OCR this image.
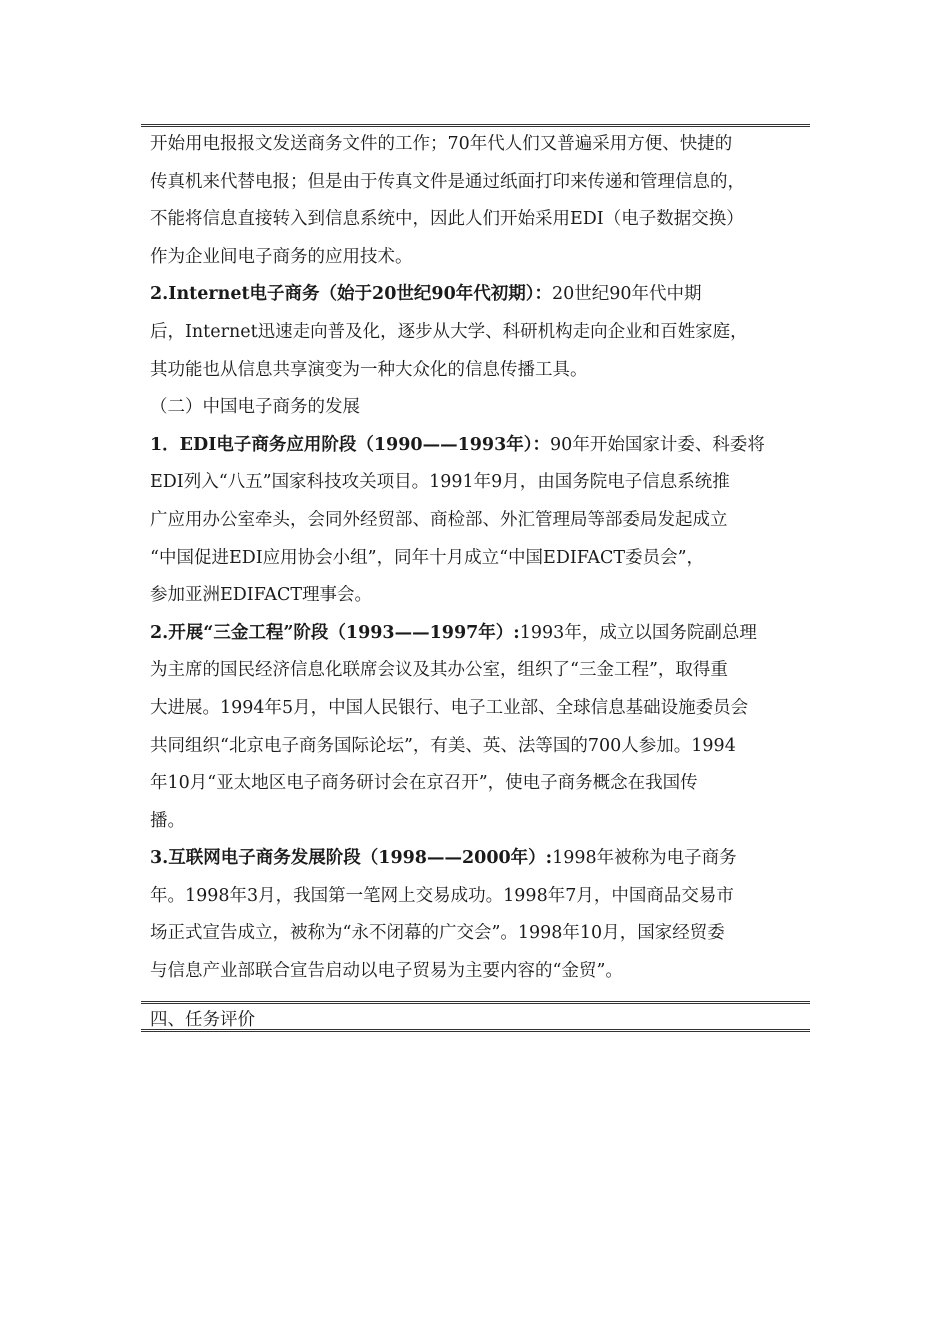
开始用电报报文发送商务文件的工作；70年代人们又普遍采用方便、快捷的

传真机来代替电报；但是由于传真文件是通过纸面打印来传递和管理信息的，

不能将信息直接转入到信息系统中，因此人们开始采用EDI（电子数据交换）

作为企业间电子商务的应用技术。

2.Internet电子商务（始于20世纪90年代初期）：20世纪90年代中期

后，Internet迅速走向普及化，逐步从大学、科研机构走向企业和百姓家庭，

其功能也从信息共享演变为一种大众化的信息传播工具。

（二）中国电子商务的发展

1．EDI电子商务应用阶段（1990——1993年）：90年开始国家计委、科委将

EDI列入“八五”国家科技攻关项目。1991年9月，由国务院电子信息系统推

广应用办公室牵头，会同外经贸部、商检部、外汇管理局等部委局发起成立

“中国促进EDI应用协会小组”，同年十月成立“中国EDIFACT委员会”，

参加亚洲EDIFACT理事会。

2.开展“三金工程”阶段（1993——1997年）:1993年，成立以国务院副总理

为主席的国民经济信息化联席会议及其办公室，组织了“三金工程”，取得重

大进展。1994年5月，中国人民银行、电子工业部、全球信息基础设施委员会

共同组织“北京电子商务国际论坛”，有美、英、法等国的700人参加。1994

年10月“亚太地区电子商务研讨会在京召开”，使电子商务概念在我国传

播。

3.互联网电子商务发展阶段（1998——2000年）:1998年被称为电子商务

年。1998年3月，我国第一笔网上交易成功。1998年7月，中国商品交易市

场正式宣告成立，被称为“永不闭幕的广交会”。1998年10月，国家经贸委

与信息产业部联合宣告启动以电子贸易为主要内容的“金贸”。

四、任务评价
